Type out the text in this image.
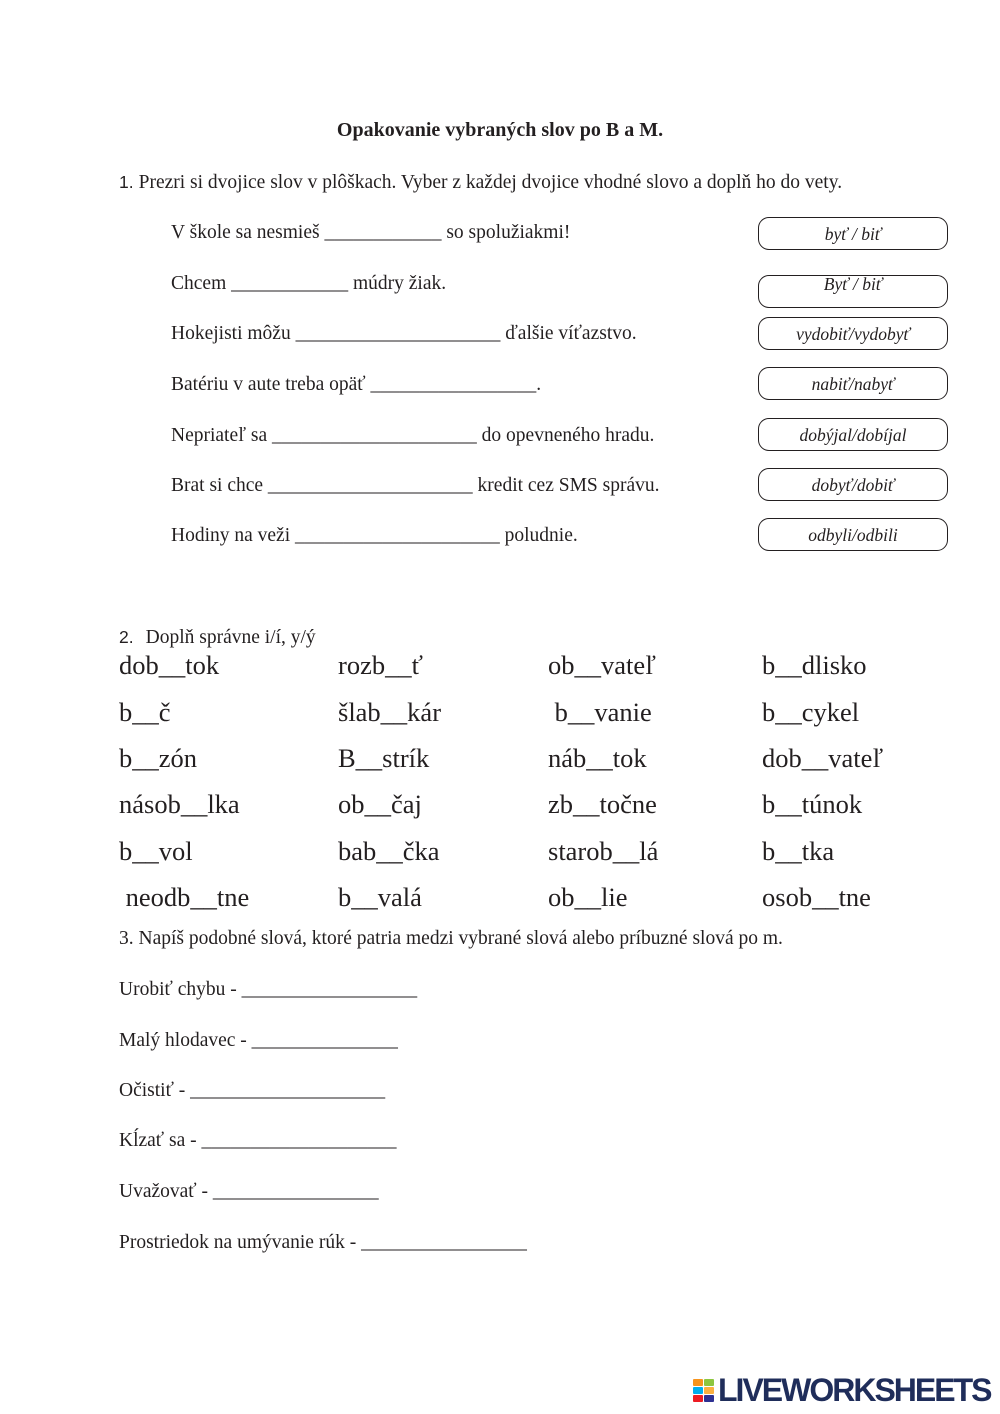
Opakovanie vybraných slov po B a M.
1. Prezri si dvojice slov v plôškach. Vyber z každej dvojice vhodné slovo a doplň ho do vety.
V škole sa nesmieš ____________ so spolužiakmi!	byť / biť
Chcem ____________ múdry žiak.	Byť / biť
Hokejisti môžu _____________________ ďalšie víťazstvo.	vydobiť/vydobyť
Batériu v aute treba opäť _________________.	nabiť/nabyť
Nepriateľ sa _____________________ do opevneného hradu.	dobýjal/dobíjal
Brat si chce _____________________ kredit cez SMS správu.	dobyť/dobiť
Hodiny na veži _____________________ poludnie.	odbyli/odbili
2. Doplň správne i/í, y/ý
dob__tok	rozb__ť	ob__vateľ	b__dlisko
b__č	šlab__kár	b__vanie	b__cykel
b__zón	B__strík	náb__tok	dob__vateľ
násob__lka	ob__čaj	zb__točne	b__túnok
b__vol	bab__čka	starob__lá	b__tka
neodb__tne	b__valá	ob__lie	osob__tne
3. Napíš podobné slová, ktoré patria medzi vybrané slová alebo príbuzné slová po m.
Urobiť chybu - __________________
Malý hlodavec - _______________
Očistiť - ____________________
Kĺzať sa - ____________________
Uvažovať - _________________
Prostriedok na umývanie rúk - _________________
LIVEWORKSHEETS
